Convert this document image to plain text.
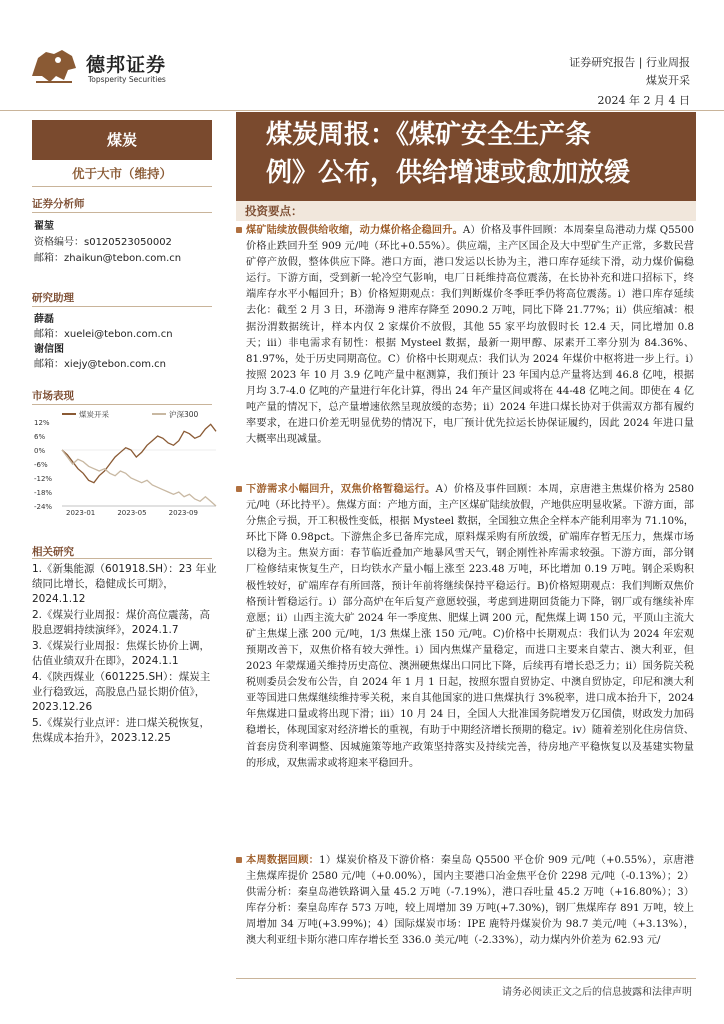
德邦证券
Topsperity Securities
证券研究报告 | 行业周报
煤炭开采
2024 年 2 月 4 日
煤炭
优于大市（维持）
证券分析师
翟堃
资格编号：s0120523050002
邮箱：zhaikun@tebon.com.cn
研究助理
薛磊
邮箱：xuelei@tebon.com.cn
谢信图
邮箱：xiejy@tebon.com.cn
市场表现
煤炭开采	沪深300
12%
6%
0%
-6%
-12%
-18%
-24%
2023-01	2023-05	2023-09
相关研究
1.《新集能源（601918.SH）：23 年业绩同比增长，稳健成长可期》，2024.1.12
2.《煤炭行业周报：煤价高位震荡，高股息逻辑持续演绎》，2024.1.7
3.《煤炭行业周报：焦煤长协价上调，估值业绩双升在即》，2024.1.1
4.《陕西煤业（601225.SH）：煤炭主业行稳致远，高股息凸显长期价值》，2023.12.26
5.《煤炭行业点评：进口煤关税恢复，焦煤成本抬升》，2023.12.25
煤炭周报：《煤矿安全生产条
例》公布，供给增速或愈加放缓
投资要点：
煤矿陆续放假供给收缩，动力煤价格企稳回升。A）价格及事件回顾：本周秦皇岛港动力煤 Q5500 价格止跌回升至 909 元/吨（环比+0.55%）。供应端，主产区国企及大中型矿生产正常，多数民营矿停产放假，整体供应下降。港口方面，港口发运以长协为主，港口库存延续下滑，动力煤价偏稳运行。下游方面，受到新一轮冷空气影响，电厂日耗维持高位震荡，在长协补充和进口招标下，终端库存水平小幅回升；B）价格短期观点：我们判断煤价冬季旺季仍将高位震荡。i）港口库存延续去化：截至 2 月 3 日，环渤海 9 港库存降至 2090.2 万吨，同比下降 21.77%；ii）供应缩减：根据汾渭数据统计，样本内仅 2 家煤价不放假，其他 55 家平均放假时长 12.4 天，同比增加 0.8 天；iii）非电需求有韧性：根据 Mysteel 数据，最新一期甲醇、尿素开工率分别为 84.36%、81.97%，处于历史同期高位。C）价格中长期观点：我们认为 2024 年煤价中枢将进一步上行。i）按照 2023 年 10 月 3.9 亿吨产量中枢测算，我们预计 23 年国内总产量将达到 46.8 亿吨，根据月均 3.7-4.0 亿吨的产量进行年化计算，得出 24 年产量区间或将在 44-48 亿吨之间。即使在 4 亿吨产量的情况下，总产量增速依然呈现放缓的态势；ii）2024 年进口煤长协对于供需双方都有履约率要求，在进口价差无明显优势的情况下，电厂预计优先拉运长协保证履约，因此 2024 年进口量大概率出现减量。
下游需求小幅回升，双焦价格暂稳运行。A）价格及事件回顾：本周，京唐港主焦煤价格为 2580 元/吨（环比持平）。焦煤方面：产地方面，主产区煤矿陆续放假，产地供应明显收紧。下游方面，部分焦企亏损，开工积极性变低，根据 Mysteel 数据，全国独立焦企全样本产能利用率为 71.10%，环比下降 0.98pct。下游焦企多已备库完成，原料煤采购有所放缓，矿端库存暂无压力，焦煤市场以稳为主。焦炭方面：春节临近叠加产地暴风雪天气，钢企刚性补库需求较强。下游方面，部分钢厂检修结束恢复生产，日均铁水产量小幅上涨至 223.48 万吨，环比增加 0.19 万吨。钢企采购积极性较好，矿端库存有所回落，预计年前将继续保持平稳运行。B)价格短期观点：我们判断双焦价格预计暂稳运行。i）部分高炉在年后复产意愿较强，考虑到进期回货能力下降，钢厂或有继续补库意愿；ii）山西主流大矿 2024 年一季度焦、肥煤上调 200 元，配焦煤上调 150 元，平顶山主流大矿主焦煤上涨 200 元/吨，1/3 焦煤上涨 150 元/吨。C)价格中长期观点：我们认为 2024 年宏观预期改善下，双焦价格有较大弹性。i）国内焦煤产量稳定，而进口主要来自蒙古、澳大利亚，但 2023 年蒙煤通关维持历史高位、澳洲硬焦煤出口同比下降，后续再有增长恐乏力；ii）国务院关税税则委员会发布公告，自 2024 年 1 月 1 日起，按照东盟自贸协定、中澳自贸协定，印尼和澳大利亚等国进口焦煤继续维持零关税，来自其他国家的进口焦煤执行 3%税率，进口成本抬升下，2024 年焦煤进口量或将出现下滑；iii）10 月 24 日，全国人大批准国务院增发万亿国债，财政发力加码稳增长，体现国家对经济增长的重视，有助于中期经济增长预期的稳定。iv）随着差别化住房信贷、首套房贷利率调整、因城施策等地产政策坚持落实及持续完善，待房地产平稳恢复以及基建实物量的形成，双焦需求或将迎来平稳回升。
本周数据回顾：1）煤炭价格及下游价格：秦皇岛 Q5500 平仓价 909 元/吨（+0.55%），京唐港主焦煤库提价 2580 元/吨（+0.00%），国内主要港口冶金焦平仓价 2298 元/吨（-0.13%）；2）供需分析：秦皇岛港铁路调入量 45.2 万吨（-7.19%），港口吞吐量 45.2 万吨（+16.80%）；3）库存分析：秦皇岛库存 573 万吨，较上周增加 39 万吨(+7.30%)，钢厂焦煤库存 891 万吨，较上周增加 34 万吨(+3.99%)；4）国际煤炭市场：IPE 鹿特丹煤炭价为 98.7 美元/吨（+3.13%），澳大利亚纽卡斯尔港口库存增长至 336.0 美元/吨（-2.33%），动力煤内外价差为 62.93 元/
请务必阅读正文之后的信息披露和法律声明
